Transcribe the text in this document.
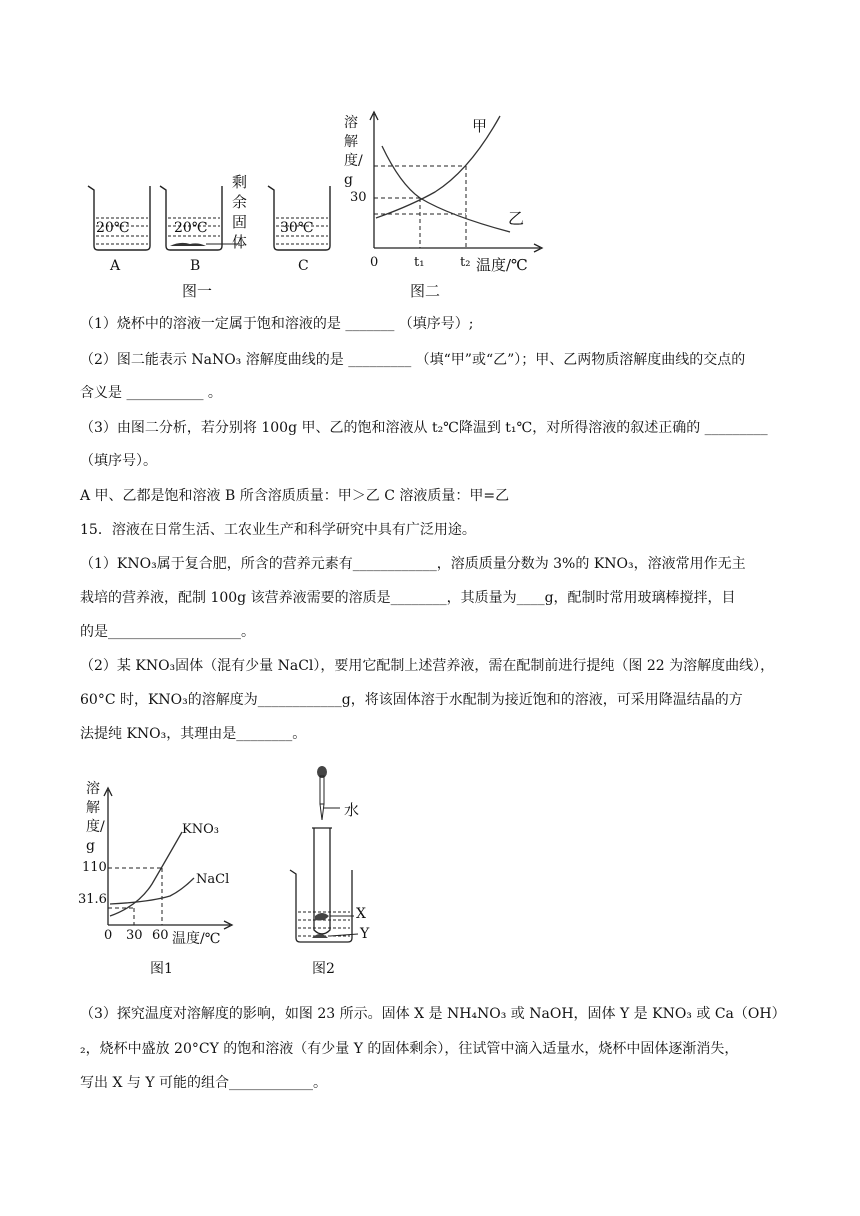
20℃	20℃	30℃
A	B	C
剩余固体
图一
溶解度/g
30
0	t₁	t₂ 温度/℃
甲
乙
图二
（1）烧杯中的溶液一定属于饱和溶液的是 _______ （填序号）;
（2）图二能表示 NaNO₃ 溶解度曲线的是 _________ （填“甲”或“乙”）；甲、乙两物质溶解度曲线的交点的
含义是 ___________ 。
（3）由图二分析，若分别将 100g 甲、乙的饱和溶液从 t₂℃降温到 t₁℃，对所得溶液的叙述正确的 _________
（填序号）。
A 甲、乙都是饱和溶液 B 所含溶质质量：甲＞乙 C 溶液质量：甲=乙
15．溶液在日常生活、工农业生产和科学研究中具有广泛用途。
（1）KNO₃属于复合肥，所含的营养元素有____________，溶质质量分数为 3%的 KNO₃，溶液常用作无主
栽培的营养液，配制 100g 该营养液需要的溶质是________，其质量为____g，配制时常用玻璃棒搅拌，目
的是___________________。
（2）某 KNO₃固体（混有少量 NaCl），要用它配制上述营养液，需在配制前进行提纯（图 22 为溶解度曲线），
60°C 时，KNO₃的溶解度为____________g，将该固体溶于水配制为接近饱和的溶液，可采用降温结晶的方
法提纯 KNO₃，其理由是________。
溶解度/g
110
31.6
0 30 60 温度/℃
KNO₃
NaCl
图1
水
X
Y
图2
（3）探究温度对溶解度的影响，如图 23 所示。固体 X 是 NH₄NO₃ 或 NaOH，固体 Y 是 KNO₃ 或 Ca（OH）
₂，烧杯中盛放 20°CY 的饱和溶液（有少量 Y 的固体剩余），往试管中滴入适量水，烧杯中固体逐渐消失，
写出 X 与 Y 可能的组合____________。
